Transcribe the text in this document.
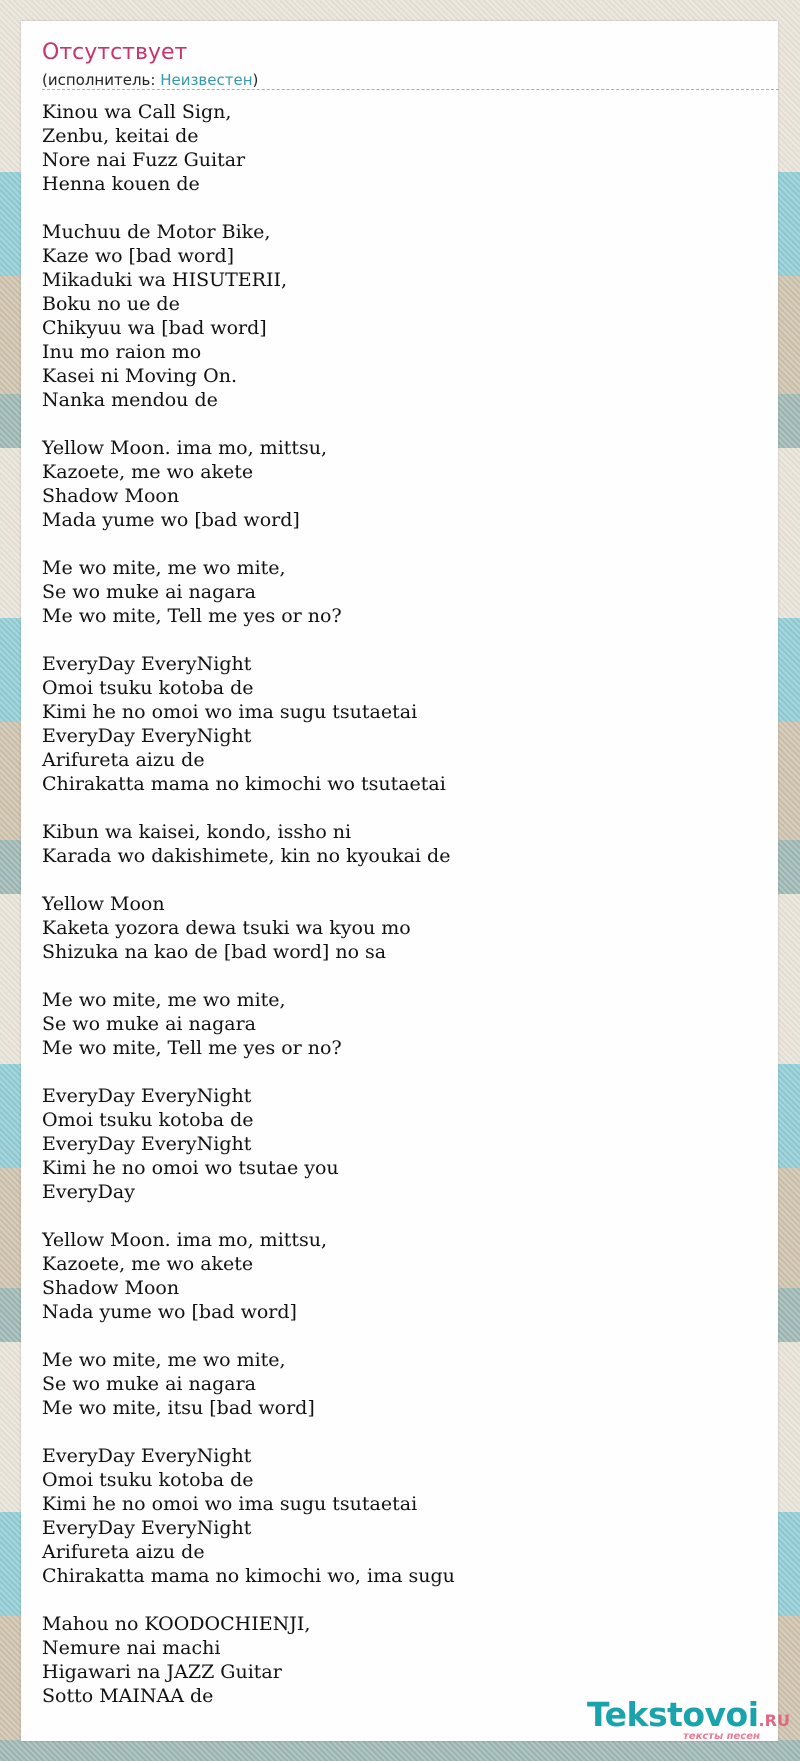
Отсутствует
(исполнитель: Неизвестен)
Kinou wa Call Sign,
Zenbu, keitai de
Nore nai Fuzz Guitar
Henna kouen de

Muchuu de Motor Bike,
Kaze wo [bad word]
Mikaduki wa HISUTERII,
Boku no ue de
Chikyuu wa [bad word]
Inu mo raion mo
Kasei ni Moving On.
Nanka mendou de

Yellow Moon. ima mo, mittsu,
Kazoete, me wo akete
Shadow Moon
Mada yume wo [bad word]

Me wo mite, me wo mite,
Se wo muke ai nagara
Me wo mite, Tell me yes or no?

EveryDay EveryNight
Omoi tsuku kotoba de
Kimi he no omoi wo ima sugu tsutaetai
EveryDay EveryNight
Arifureta aizu de
Chirakatta mama no kimochi wo tsutaetai

Kibun wa kaisei, kondo, issho ni
Karada wo dakishimete, kin no kyoukai de

Yellow Moon
Kaketa yozora dewa tsuki wa kyou mo
Shizuka na kao de [bad word] no sa

Me wo mite, me wo mite,
Se wo muke ai nagara
Me wo mite, Tell me yes or no?

EveryDay EveryNight
Omoi tsuku kotoba de
EveryDay EveryNight
Kimi he no omoi wo tsutae you
EveryDay

Yellow Moon. ima mo, mittsu,
Kazoete, me wo akete
Shadow Moon
Nada yume wo [bad word]

Me wo mite, me wo mite,
Se wo muke ai nagara
Me wo mite, itsu [bad word]

EveryDay EveryNight
Omoi tsuku kotoba de
Kimi he no omoi wo ima sugu tsutaetai
EveryDay EveryNight
Arifureta aizu de
Chirakatta mama no kimochi wo, ima sugu

Mahou no KOODOCHIENJI,
Nemure nai machi
Higawari na JAZZ Guitar
Sotto MAINAA de	Tekstovoi.RU
тексты песен
